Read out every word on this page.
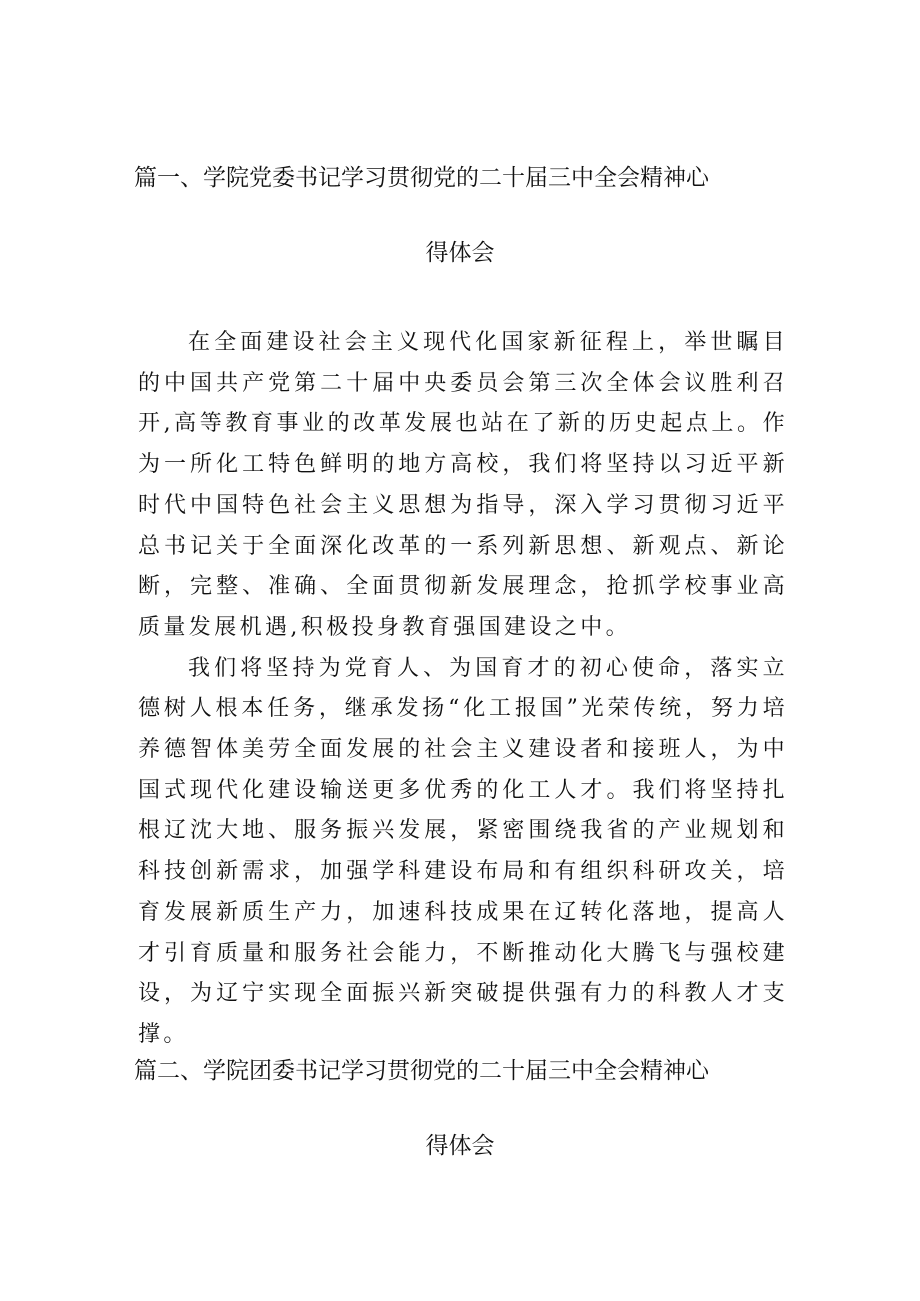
篇一、学院党委书记学习贯彻党的二十届三中全会精神心
得体会

在全面建设社会主义现代化国家新征程上，举世瞩目的中国共产党第二十届中央委员会第三次全体会议胜利召开,高等教育事业的改革发展也站在了新的历史起点上。作为一所化工特色鲜明的地方高校，我们将坚持以习近平新时代中国特色社会主义思想为指导，深入学习贯彻习近平总书记关于全面深化改革的一系列新思想、新观点、新论断，完整、准确、全面贯彻新发展理念，抢抓学校事业高质量发展机遇,积极投身教育强国建设之中。

我们将坚持为党育人、为国育才的初心使命，落实立德树人根本任务，继承发扬“化工报国”光荣传统，努力培养德智体美劳全面发展的社会主义建设者和接班人，为中国式现代化建设输送更多优秀的化工人才。我们将坚持扎根辽沈大地、服务振兴发展，紧密围绕我省的产业规划和科技创新需求，加强学科建设布局和有组织科研攻关，培育发展新质生产力，加速科技成果在辽转化落地，提高人才引育质量和服务社会能力，不断推动化大腾飞与强校建设，为辽宁实现全面振兴新突破提供强有力的科教人才支撑。

篇二、学院团委书记学习贯彻党的二十届三中全会精神心
得体会
